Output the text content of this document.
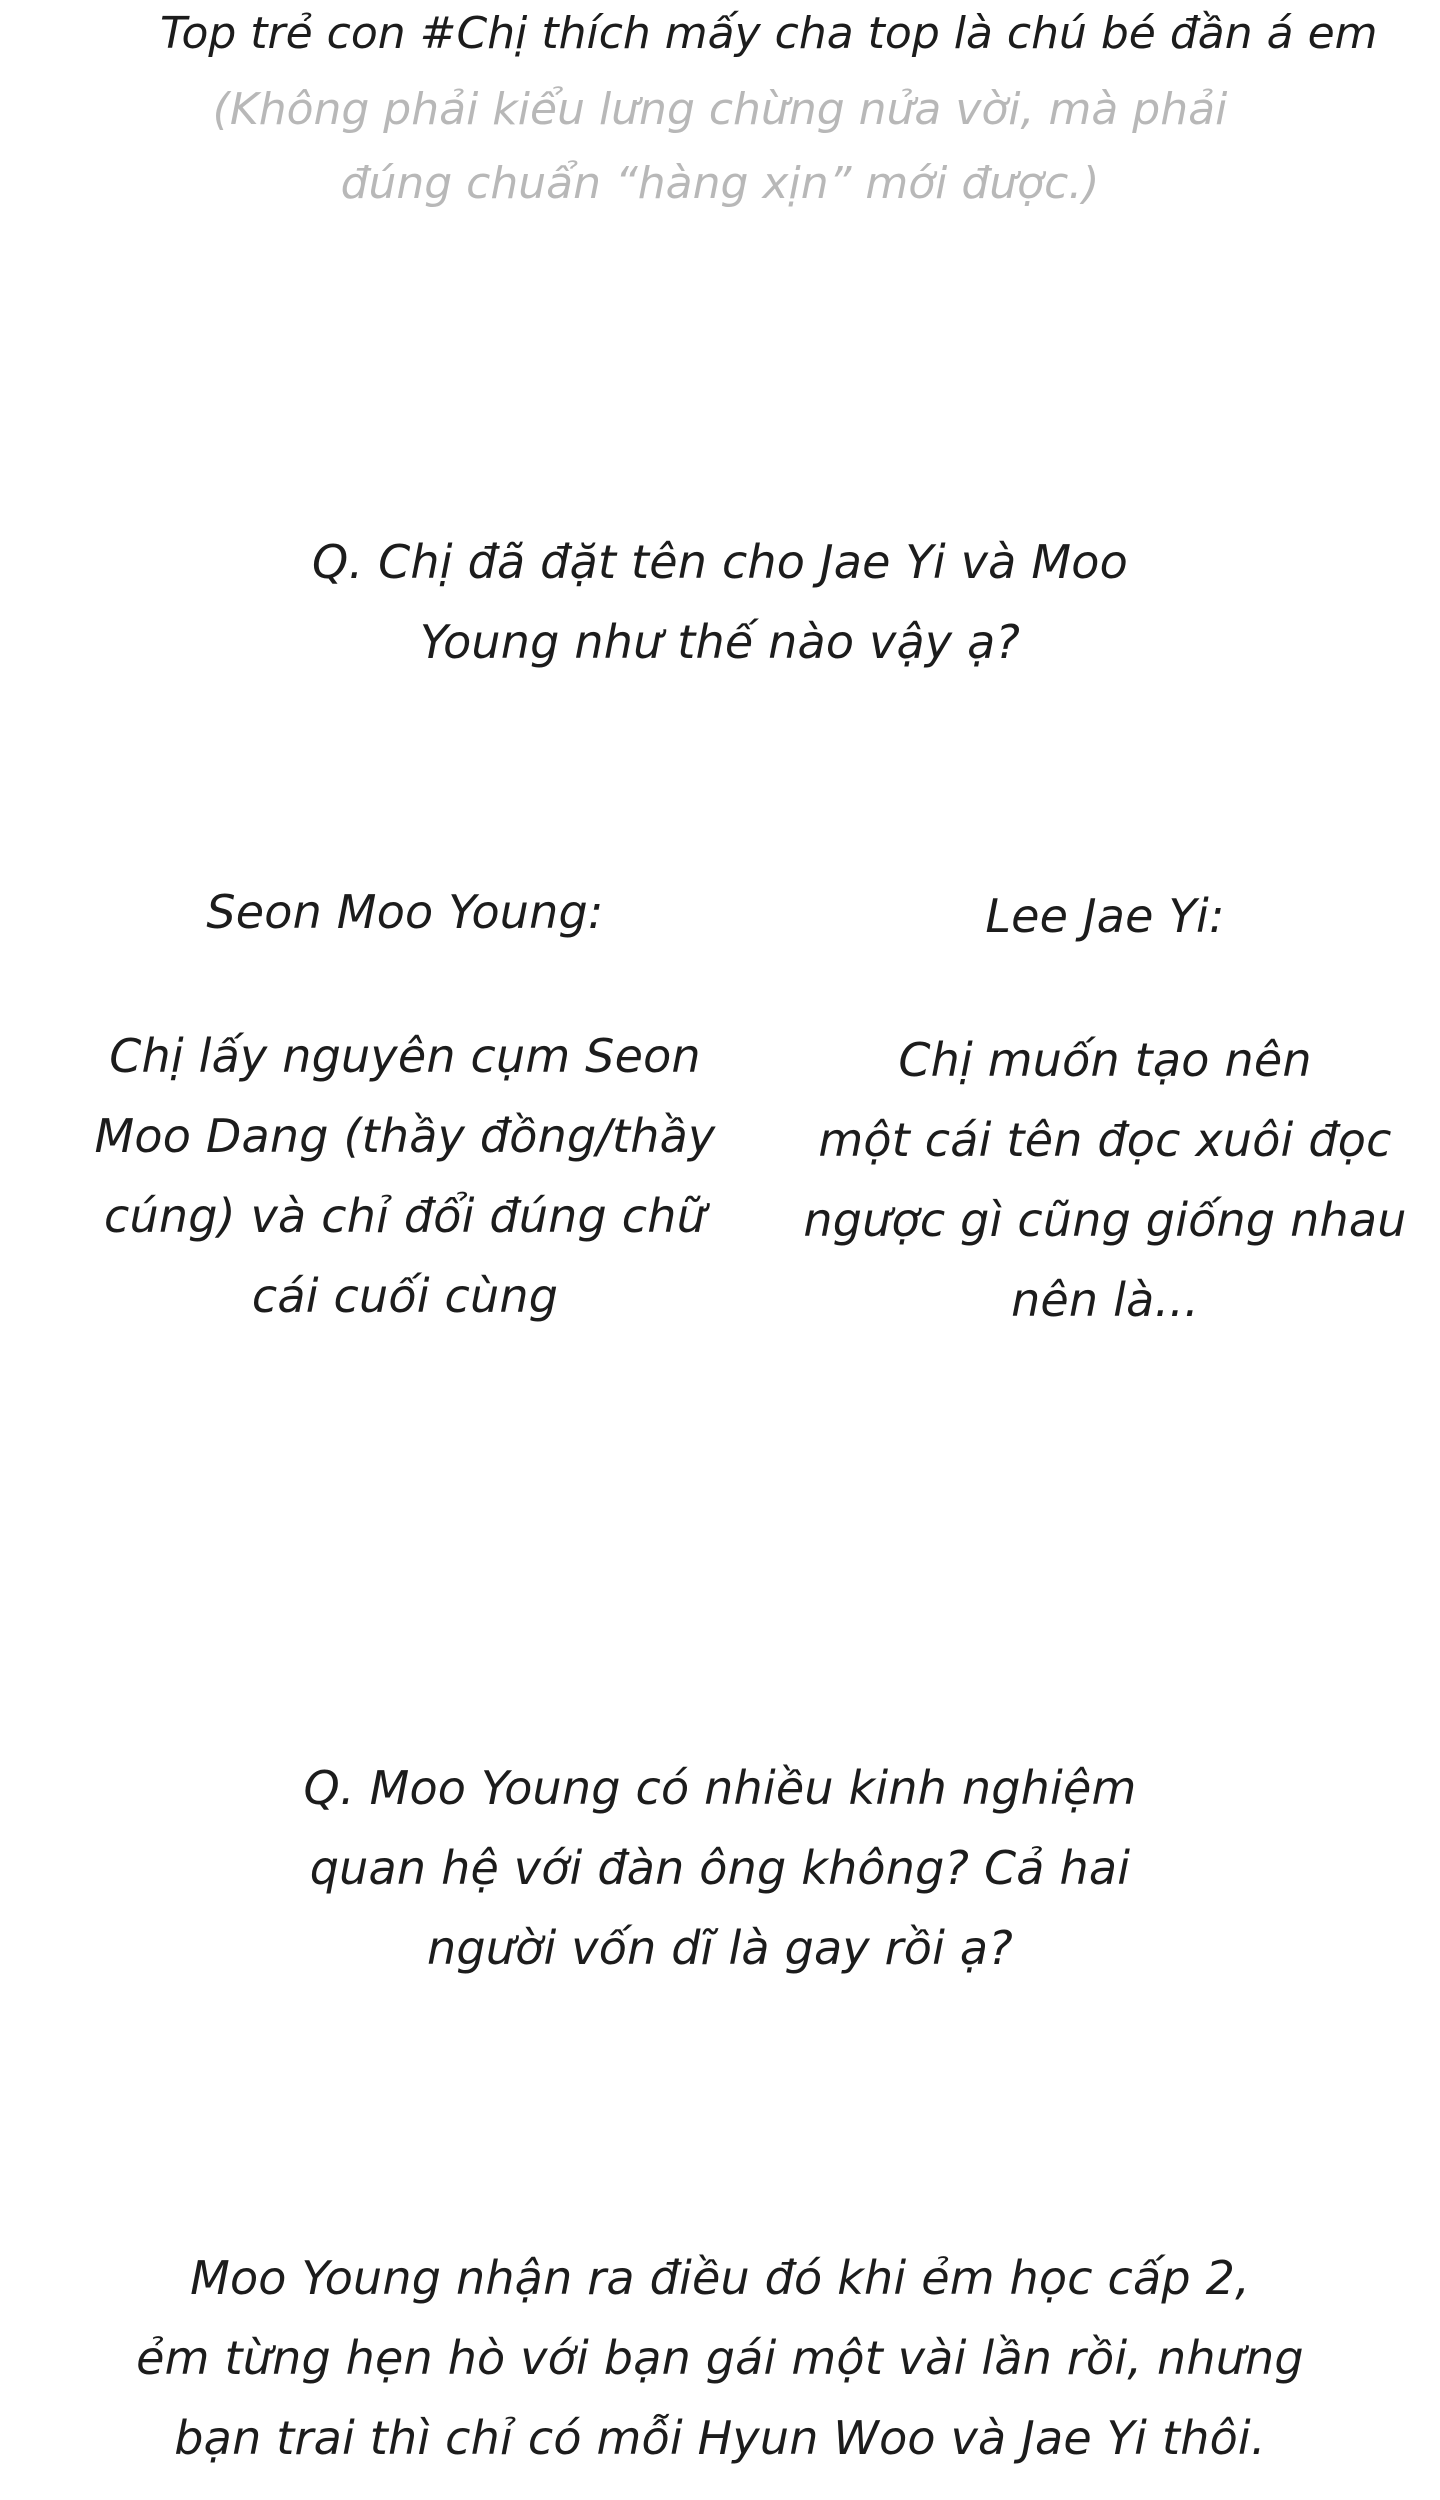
Top trẻ con #Chị thích mấy cha top là chú bé đần á em
(Không phải kiểu lưng chừng nửa vời, mà phải
đúng chuẩn “hàng xịn” mới được.)
Q. Chị đã đặt tên cho Jae Yi và Moo
Young như thế nào vậy ạ?
Seon Moo Young:
Chị lấy nguyên cụm Seon
Moo Dang (thầy đồng/thầy
cúng) và chỉ đổi đúng chữ
cái cuối cùng
Lee Jae Yi:
Chị muốn tạo nên
một cái tên đọc xuôi đọc
ngược gì cũng giống nhau
nên là...
Q. Moo Young có nhiều kinh nghiệm
quan hệ với đàn ông không? Cả hai
người vốn dĩ là gay rồi ạ?
Moo Young nhận ra điều đó khi ẻm học cấp 2,
ẻm từng hẹn hò với bạn gái một vài lần rồi, nhưng
bạn trai thì chỉ có mỗi Hyun Woo và Jae Yi thôi.
